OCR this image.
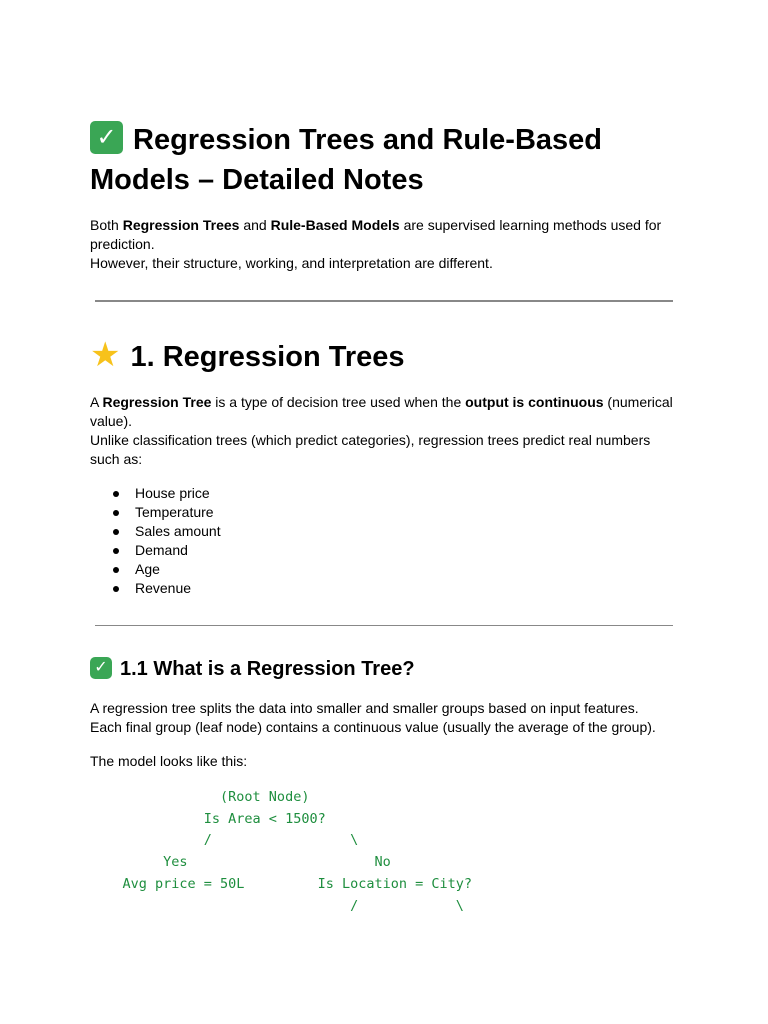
✓ Regression Trees and Rule-Based Models – Detailed Notes

Both Regression Trees and Rule-Based Models are supervised learning methods used for prediction.
However, their structure, working, and interpretation are different.

★ 1. Regression Trees

A Regression Tree is a type of decision tree used when the output is continuous (numerical value).
Unlike classification trees (which predict categories), regression trees predict real numbers such as:

House price
Temperature
Sales amount
Demand
Age
Revenue
✓ 1.1 What is a Regression Tree?

A regression tree splits the data into smaller and smaller groups based on input features.
Each final group (leaf node) contains a continuous value (usually the average of the group).

The model looks like this:

(Root Node)
Is Area < 1500?
/                 \
Yes                       No
Avg price = 50L         Is Location = City?
/            \
